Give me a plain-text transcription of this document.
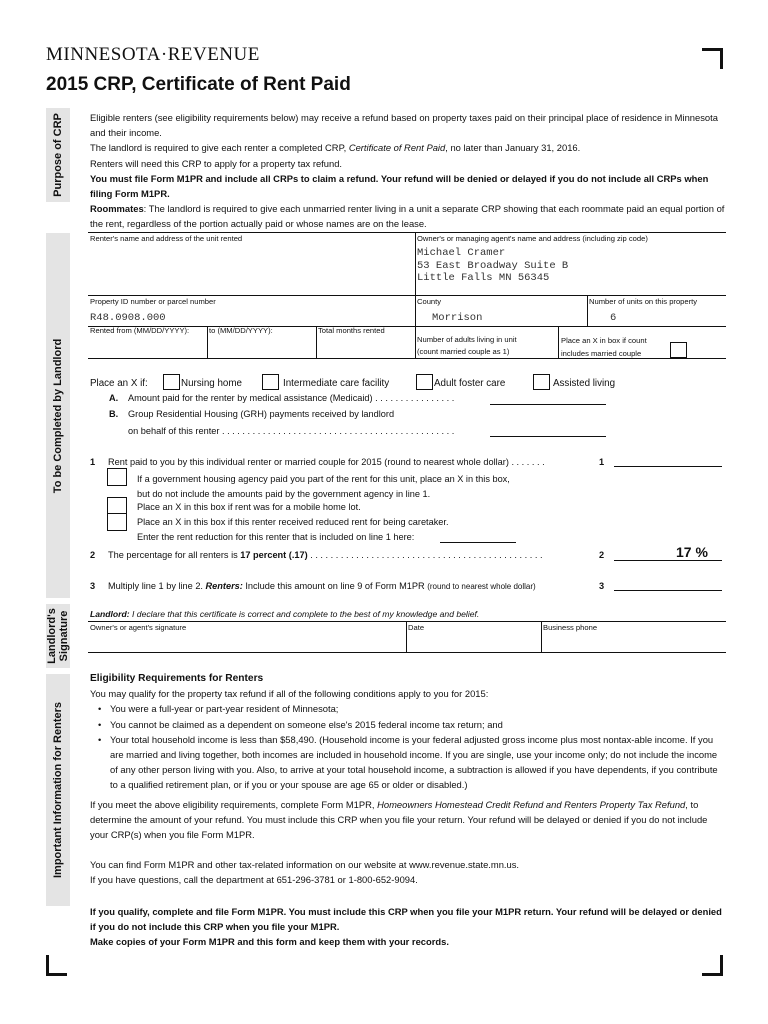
MINNESOTA·REVENUE
2015 CRP, Certificate of Rent Paid
Purpose of CRP
To be Completed by Landlord
Landlord's Signature
Important Information for Renters
Eligible renters (see eligibility requirements below) may receive a refund based on property taxes paid on their principal place of residence in Minnesota and their income.
The landlord is required to give each renter a completed CRP, Certificate of Rent Paid, no later than January 31, 2016.
Renters will need this CRP to apply for a property tax refund.
You must file Form M1PR and include all CRPs to claim a refund. Your refund will be denied or delayed if you do not include all CRPs when filing Form M1PR.
Roommates: The landlord is required to give each unmarried renter living in a unit a separate CRP showing that each roommate paid an equal portion of the rent, regardless of the portion actually paid or whose names are on the lease.
Renter's name and address of the unit rented	Owner's or managing agent's name and address (including zip code)
Michael Cramer
53 East Broadway Suite B
Little Falls MN 56345
Property ID number or parcel number
R48.0908.000
County
Morrison
Number of units on this property
6
Rented from (MM/DD/YYYY):	to (MM/DD/YYYY):	Total months rented
Number of adults living in unit
(count married couple as 1)
Place an X in box if count
includes married couple
Place an X if:	Nursing home	Intermediate care facility	Adult foster care	Assisted living
A. Amount paid for the renter by medical assistance (Medicaid) . . . . . . . . . . . . . . . .
B. Group Residential Housing (GRH) payments received by landlord
on behalf of this renter . . . . . . . . . . . . . . . . . . . . . . . . . . . . . . . . . . . . . . . . . . . . . .
1 Rent paid to you by this individual renter or married couple for 2015 (round to nearest whole dollar) . . . . . . .	1
If a government housing agency paid you part of the rent for this unit, place an X in this box,
but do not include the amounts paid by the government agency in line 1.
Place an X in this box if rent was for a mobile home lot.
Place an X in this box if this renter received reduced rent for being caretaker.
Enter the rent reduction for this renter that is included on line 1 here:
2 The percentage for all renters is 17 percent (.17) . . . . . . . . . . . . . . . . . . . . . . . . . . . . . . . . . . . . . . . . . . . . . .	2	17 %
3 Multiply line 1 by line 2. Renters: Include this amount on line 9 of Form M1PR (round to nearest whole dollar)	3
Landlord: I declare that this certificate is correct and complete to the best of my knowledge and belief.
Owner's or agent's signature	Date	Business phone
Eligibility Requirements for Renters
You may qualify for the property tax refund if all of the following conditions apply to you for 2015:
• You were a full-year or part-year resident of Minnesota;
• You cannot be claimed as a dependent on someone else's 2015 federal income tax return; and
• Your total household income is less than $58,490. (Household income is your federal adjusted gross income plus most nontax-able income. If you are married and living together, both incomes are included in household income. If you are single, use your income only; do not include the income of any other person living with you. Also, to arrive at your total household income, a subtraction is allowed if you have dependents, if you contribute to a qualified retirement plan, or if you or your spouse are age 65 or older or disabled.)
If you meet the above eligibility requirements, complete Form M1PR, Homeowners Homestead Credit Refund and Renters Property Tax Refund, to determine the amount of your refund. You must include this CRP when you file your return. Your refund will be delayed or denied if you do not include your CRP(s) when you file Form M1PR.
You can find Form M1PR and other tax-related information on our website at www.revenue.state.mn.us.
If you have questions, call the department at 651-296-3781 or 1-800-652-9094.
If you qualify, complete and file Form M1PR. You must include this CRP when you file your M1PR return. Your refund will be delayed or denied if you do not include this CRP when you file your M1PR.
Make copies of your Form M1PR and this form and keep them with your records.
